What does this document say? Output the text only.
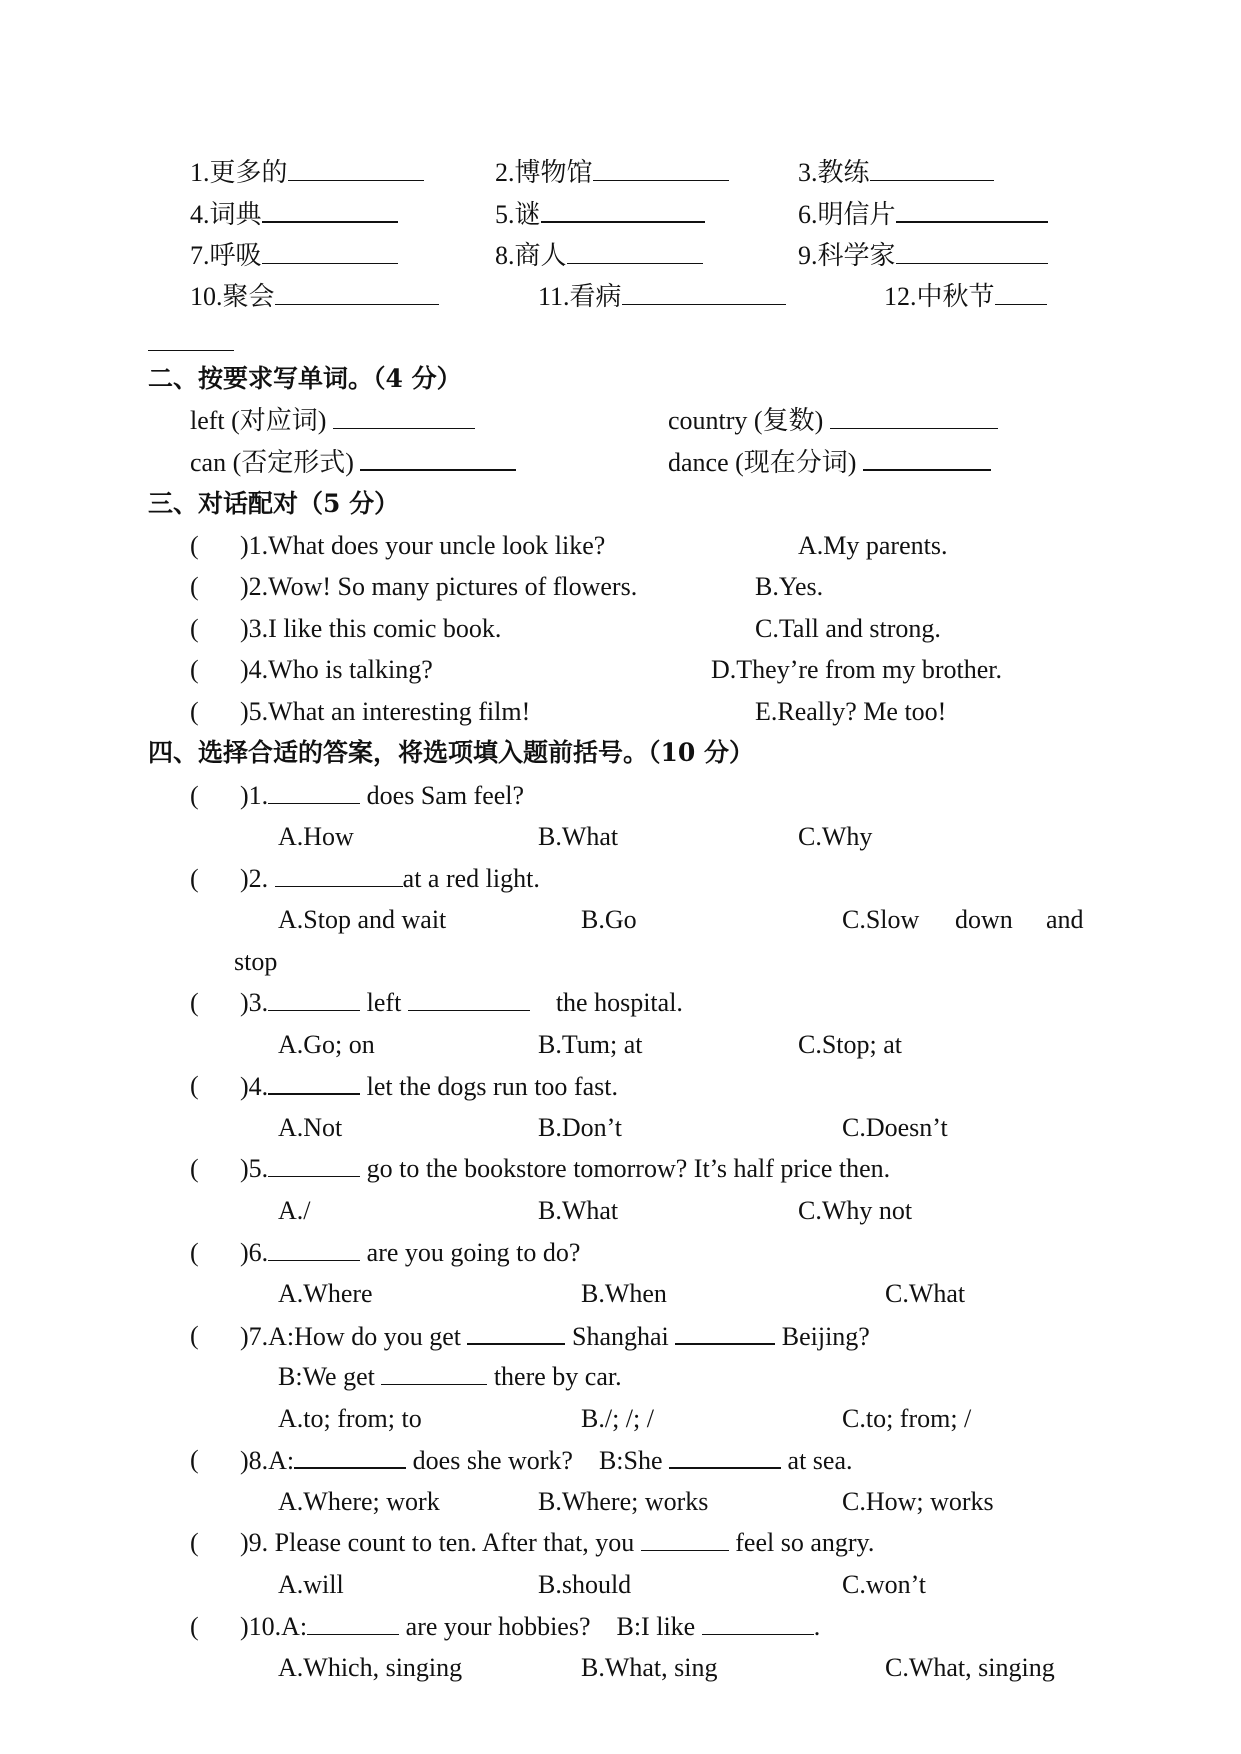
1.更多的	2.博物馆	3.教练
4.词典	5.谜	6.明信片
7.呼吸	8.商人	9.科学家
10.聚会	11.看病	12.中秋节
二、按要求写单词。（4 分）
left (对应词)	country (复数)
can (否定形式)	dance (现在分词)
三、对话配对（5 分）
( )1.What does your uncle look like?	A.My parents.
( )2.Wow! So many pictures of flowers.	B.Yes.
( )3.I like this comic book.	C.Tall and strong.
( )4.Who is talking?	D.They’re from my brother.
( )5.What an interesting film!	E.Really? Me too!
四、选择合适的答案，将选项填入题前括号。（10 分）
( )1.	does Sam feel?
A.How	B.What	C.Why
( )2.	at a red light.
A.Stop and wait	B.Go	C.Slow down and
stop
( )3.	left	the hospital.
A.Go; on	B.Tum; at	C.Stop; at
( )4.	let the dogs run too fast.
A.Not	B.Don’t	C.Doesn’t
( )5.	go to the bookstore tomorrow? It’s half price then.
A./	B.What	C.Why not
( )6.	are you going to do?
A.Where	B.When	C.What
( )7.A:How do you get	Shanghai	Beijing?
B:We get	there by car.
A.to; from; to	B./; /; /	C.to; from; /
( )8.A:	does she work?    B:She	at sea.
A.Where; work	B.Where; works	C.How; works
( )9. Please count to ten. After that, you	feel so angry.
A.will	B.should	C.won’t
( )10.A:	are your hobbies?    B:I like	.
A.Which, singing	B.What, sing	C.What, singing
